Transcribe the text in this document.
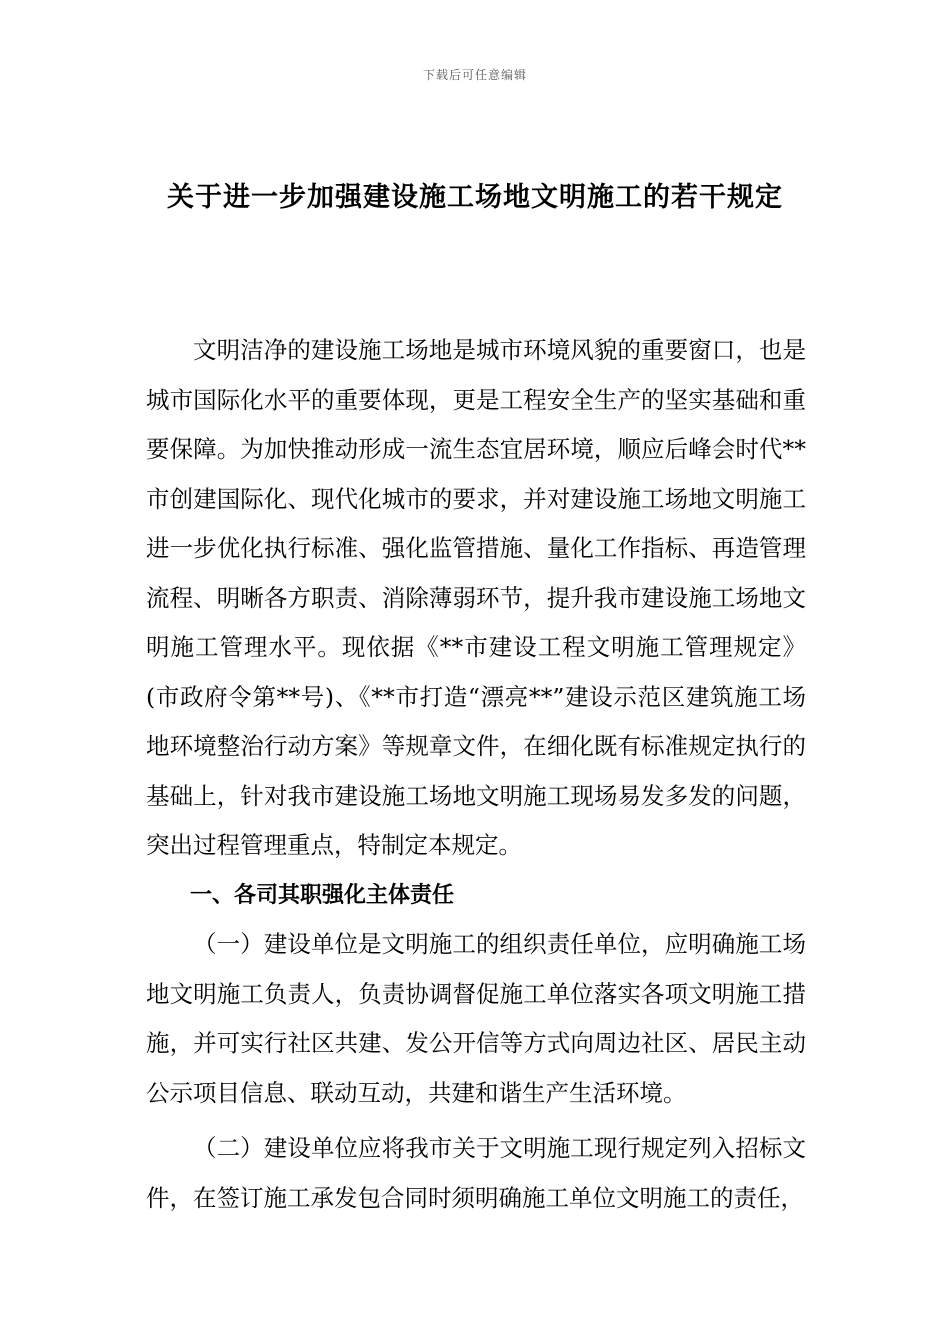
下载后可任意编辑
关于进一步加强建设施工场地文明施工的若干规定

文明洁净的建设施工场地是城市环境风貌的重要窗口，也是城市国际化水平的重要体现，更是工程安全生产的坚实基础和重要保障。为加快推动形成一流生态宜居环境，顺应后峰会时代**市创建国际化、现代化城市的要求，并对建设施工场地文明施工进一步优化执行标准、强化监管措施、量化工作指标、再造管理流程、明晰各方职责、消除薄弱环节，提升我市建设施工场地文明施工管理水平。现依据《**市建设工程文明施工管理规定》(市政府令第**号)、《**市打造“漂亮**”建设示范区建筑施工场地环境整治行动方案》等规章文件，在细化既有标准规定执行的基础上，针对我市建设施工场地文明施工现场易发多发的问题，突出过程管理重点，特制定本规定。

一、各司其职强化主体责任

（一）建设单位是文明施工的组织责任单位，应明确施工场地文明施工负责人，负责协调督促施工单位落实各项文明施工措施，并可实行社区共建、发公开信等方式向周边社区、居民主动公示项目信息、联动互动，共建和谐生产生活环境。

（二）建设单位应将我市关于文明施工现行规定列入招标文件，在签订施工承发包合同时须明确施工单位文明施工的责任，
